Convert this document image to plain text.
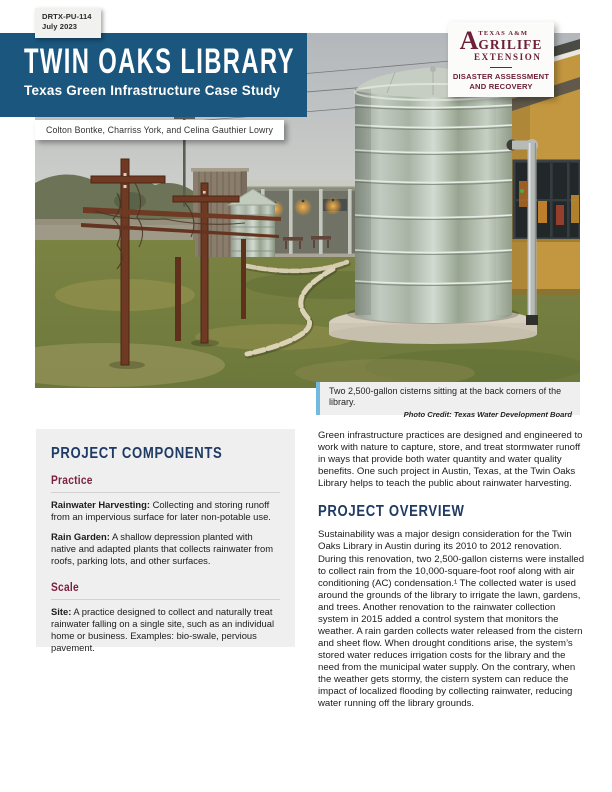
DRTX-PU-114
July 2023
TWIN OAKS LIBRARY
Texas Green Infrastructure Case Study
Colton Bontke, Charriss York, and Celina Gauthier Lowry
A TEXAS A&M
GRILIFE
EXTENSION
DISASTER ASSESSMENT
AND RECOVERY
Two 2,500-gallon cisterns sitting at the back corners of the library.
Photo Credit: Texas Water Development Board
PROJECT COMPONENTS
Practice

Rainwater Harvesting: Collecting and storing runoff from an impervious surface for later non-potable use.

Rain Garden: A shallow depression planted with native and adapted plants that collects rainwater from roofs, parking lots, and other surfaces.

Scale

Site: A practice designed to collect and naturally treat rainwater falling on a single site, such as an individual home or business. Examples: bio-swale, pervious pavement.

Green infrastructure practices are designed and engineered to work with nature to capture, store, and treat stormwater runoff in ways that provide both water quantity and water quality benefits. One such project in Austin, Texas, at the Twin Oaks Library helps to teach the public about rainwater harvesting.

PROJECT OVERVIEW

Sustainability was a major design consideration for the Twin Oaks Library in Austin during its 2010 to 2012 renovation. During this renovation, two 2,500-gallon cisterns were installed to collect rain from the 10,000-square-foot roof along with air conditioning (AC) condensation.¹ The collected water is used around the grounds of the library to irrigate the lawn, gardens, and trees. Another renovation to the rainwater collection system in 2015 added a control system that monitors the weather. A rain garden collects water released from the cistern and sheet flow. When drought conditions arise, the system’s stored water reduces irrigation costs for the library and the need from the municipal water supply. On the contrary, when the weather gets stormy, the cistern system can reduce the impact of localized flooding by collecting rainwater, reducing water running off the library grounds.
